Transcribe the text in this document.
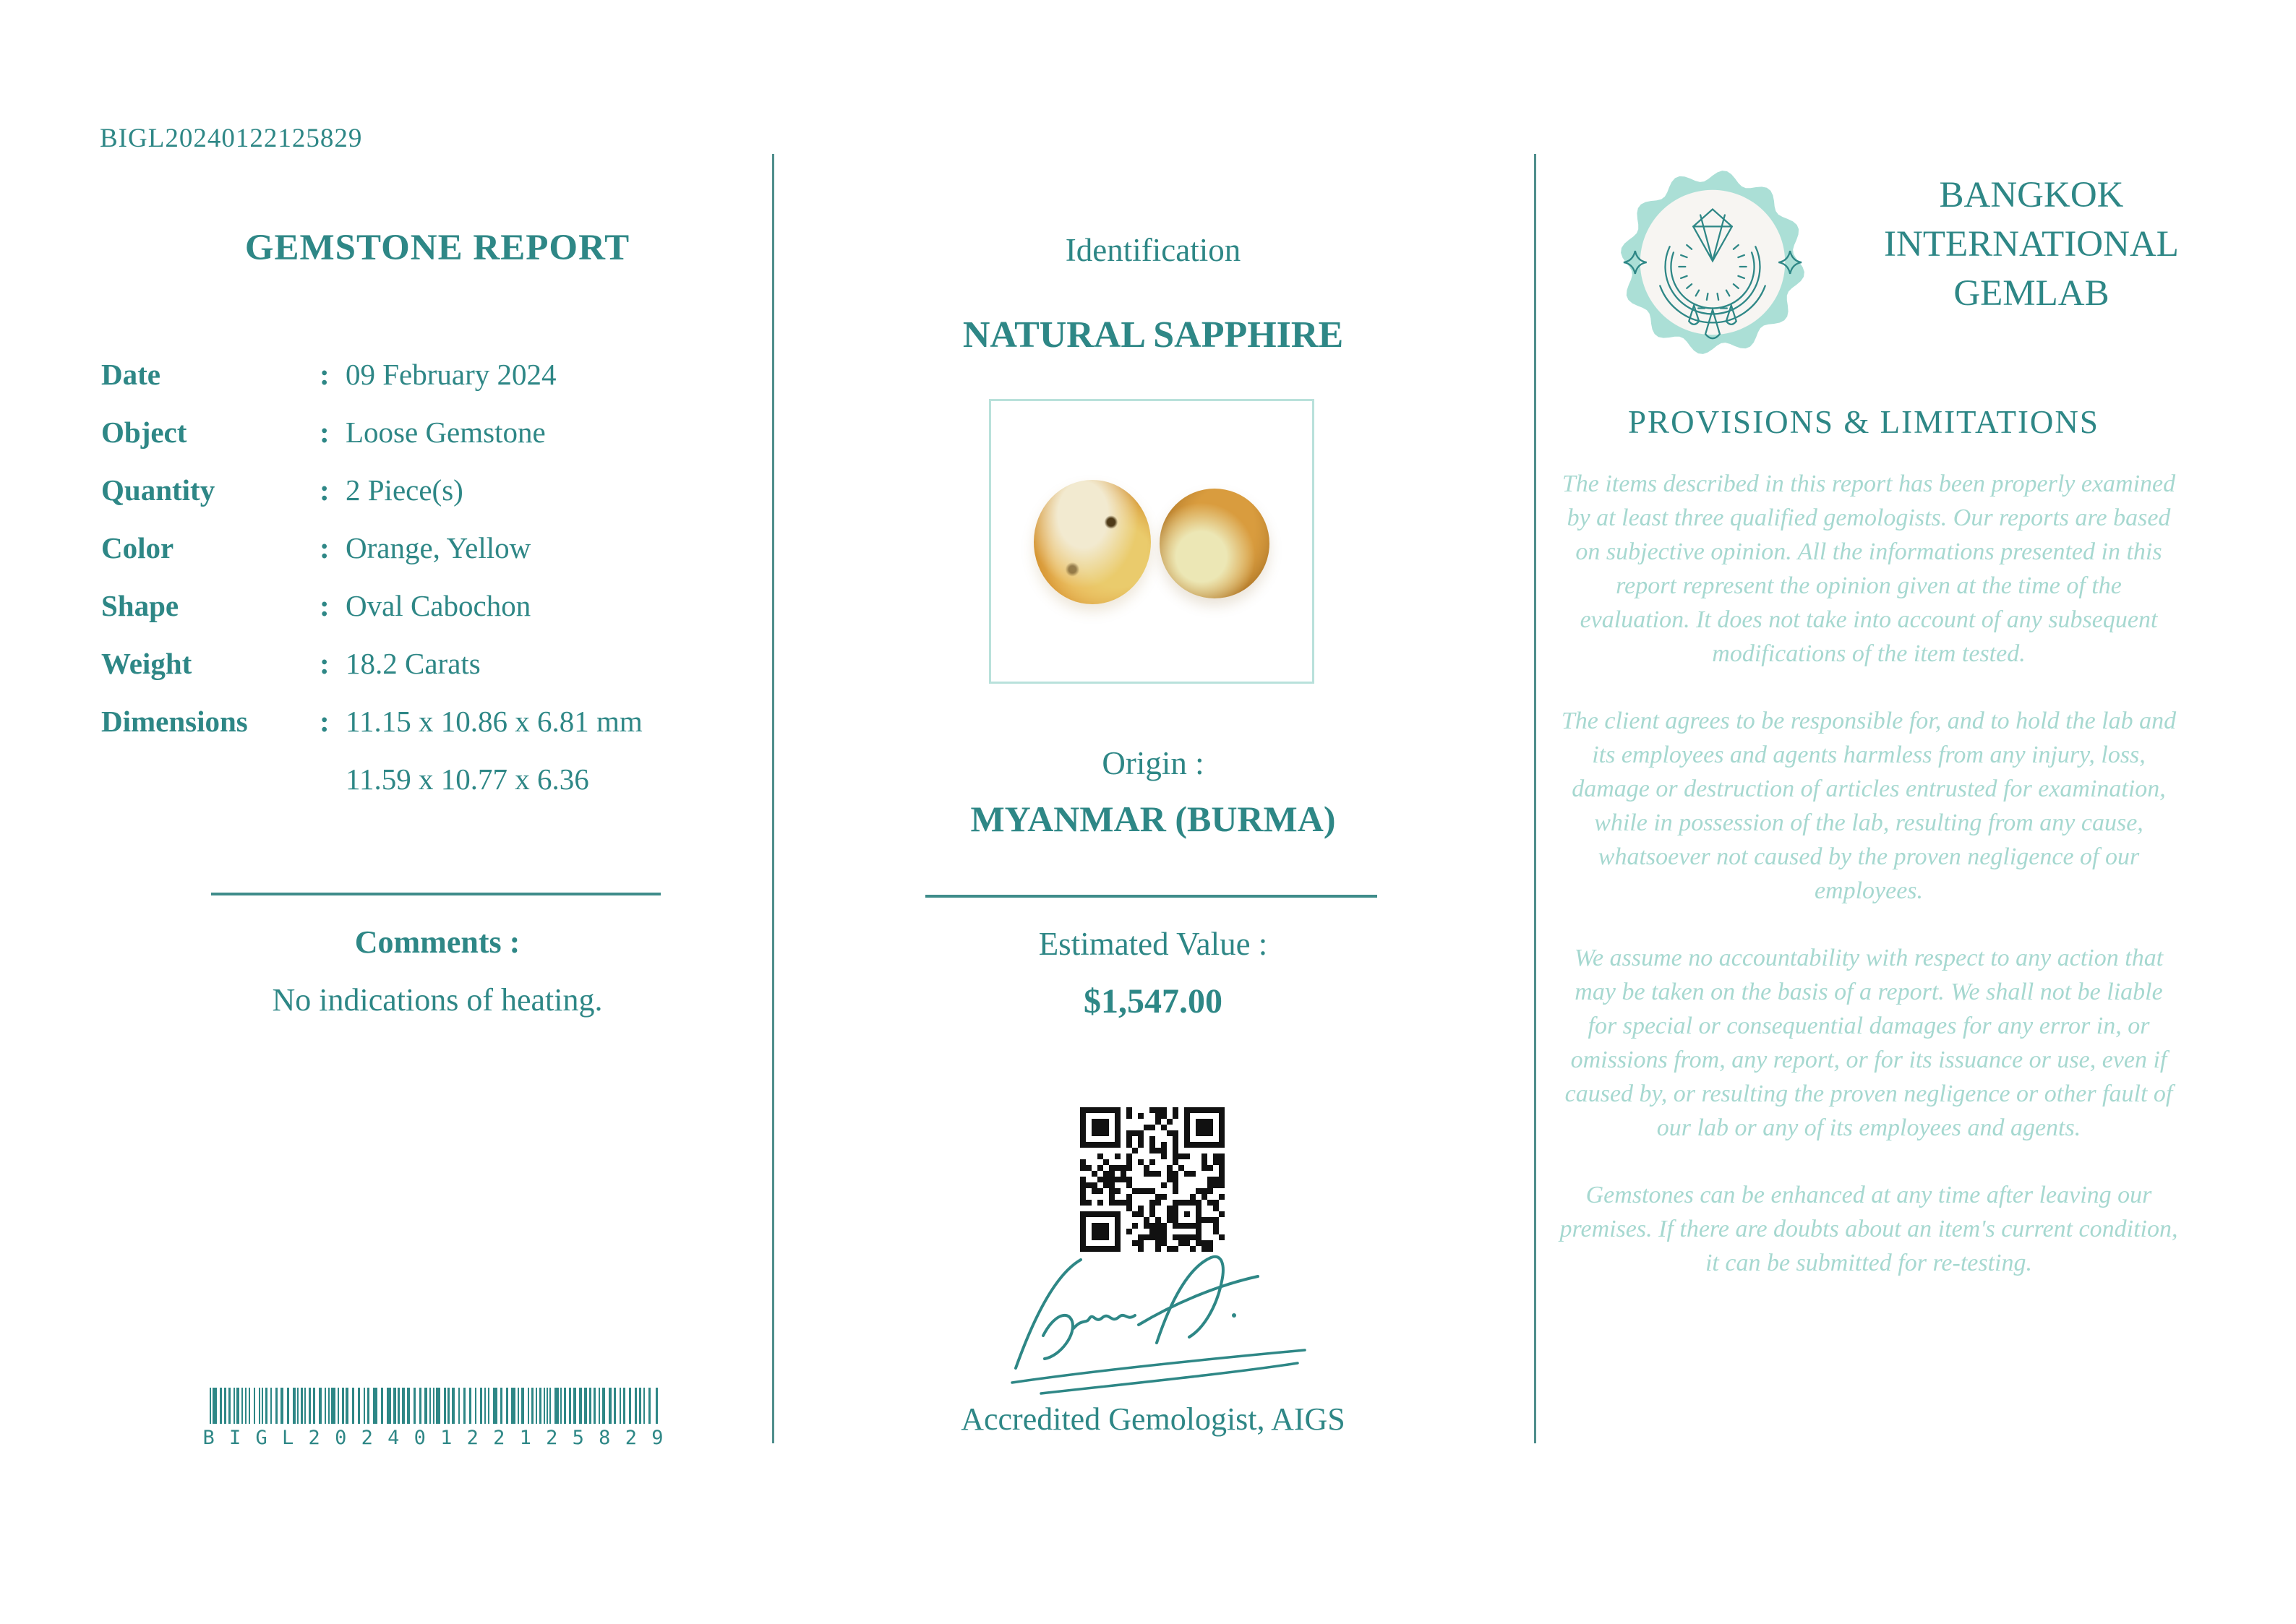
BIGL20240122125829
GEMSTONE REPORT
Date	: 09 February 2024
Object	: Loose Gemstone
Quantity	: 2 Piece(s)
Color	: Orange, Yellow
Shape	: Oval Cabochon
Weight	: 18.2 Carats
Dimensions	: 11.15 x 10.86 x 6.81 mm
11.59 x 10.77 x 6.36
Comments :
No indications of heating.
B I G L 2 0 2 4 0 1 2 2 1 2 5 8 2 9
Identification
NATURAL SAPPHIRE
Origin :
MYANMAR (BURMA)
Estimated Value :
$1,547.00
Accredited Gemologist, AIGS
BANGKOK
INTERNATIONAL
GEMLAB
PROVISIONS & LIMITATIONS

The items described in this report has been properly examined by at least three qualified gemologists. Our reports are based on subjective opinion. All the informations presented in this report represent the opinion given at the time of the evaluation. It does not take into account of any subsequent modifications of the item tested.

The client agrees to be responsible for, and to hold the lab and its employees and agents harmless from any injury, loss, damage or destruction of articles entrusted for examination, while in possession of the lab, resulting from any cause, whatsoever not caused by the proven negligence of our employees.

We assume no accountability with respect to any action that may be taken on the basis of a report. We shall not be liable for special or consequential damages for any error in, or omissions from, any report, or for its issuance or use, even if caused by, or resulting the proven negligence or other fault of our lab or any of its employees and agents.

Gemstones can be enhanced at any time after leaving our premises. If there are doubts about an item's current condition, it can be submitted for re-testing.
